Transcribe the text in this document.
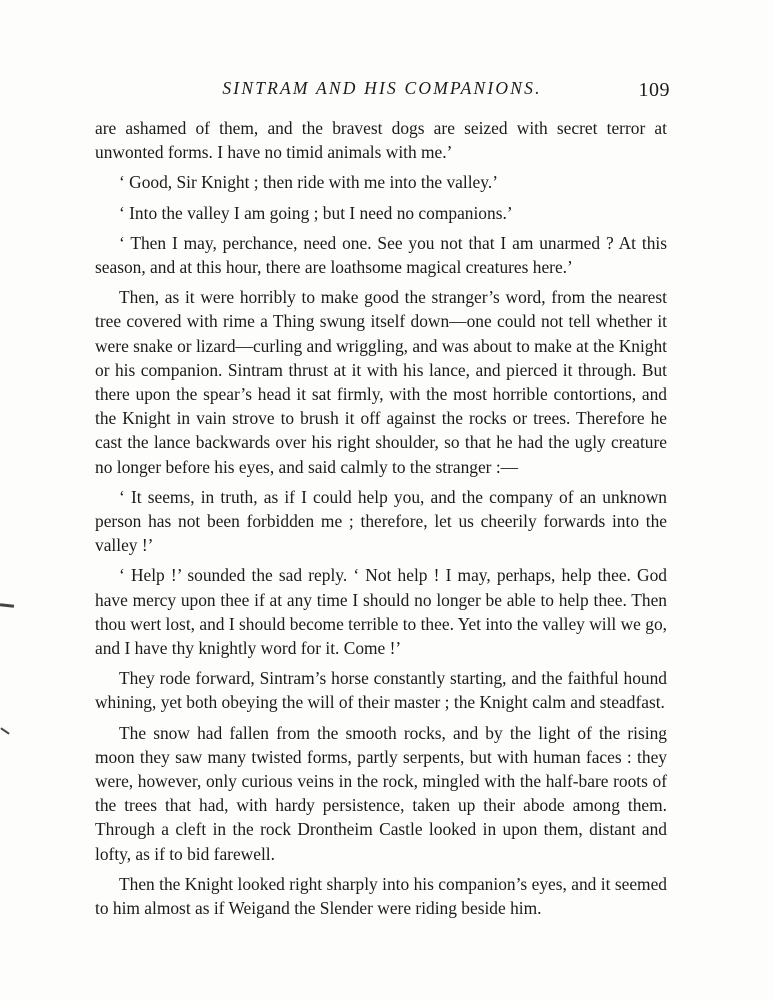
SINTRAM AND HIS COMPANIONS.	109

are ashamed of them, and the bravest dogs are seized with secret terror at unwonted forms. I have no timid animals with me.’

‘ Good, Sir Knight ; then ride with me into the valley.’

‘ Into the valley I am going ; but I need no companions.’

‘ Then I may, perchance, need one. See you not that I am unarmed ? At this season, and at this hour, there are loathsome magical creatures here.’

Then, as it were horribly to make good the stranger’s word, from the nearest tree covered with rime a Thing swung itself down—one could not tell whether it were snake or lizard—curling and wriggling, and was about to make at the Knight or his companion. Sintram thrust at it with his lance, and pierced it through. But there upon the spear’s head it sat firmly, with the most horrible contortions, and the Knight in vain strove to brush it off against the rocks or trees. Therefore he cast the lance backwards over his right shoulder, so that he had the ugly creature no longer before his eyes, and said calmly to the stranger :—

‘ It seems, in truth, as if I could help you, and the company of an unknown person has not been forbidden me ; therefore, let us cheerily forwards into the valley !’

‘ Help !’ sounded the sad reply. ‘ Not help ! I may, perhaps, help thee. God have mercy upon thee if at any time I should no longer be able to help thee. Then thou wert lost, and I should become terrible to thee. Yet into the valley will we go, and I have thy knightly word for it. Come !’

They rode forward, Sintram’s horse constantly starting, and the faithful hound whining, yet both obeying the will of their master ; the Knight calm and steadfast.

The snow had fallen from the smooth rocks, and by the light of the rising moon they saw many twisted forms, partly serpents, but with human faces : they were, however, only curious veins in the rock, mingled with the half-bare roots of the trees that had, with hardy persistence, taken up their abode among them. Through a cleft in the rock Drontheim Castle looked in upon them, distant and lofty, as if to bid farewell.

Then the Knight looked right sharply into his companion’s eyes, and it seemed to him almost as if Weigand the Slender were riding beside him.
